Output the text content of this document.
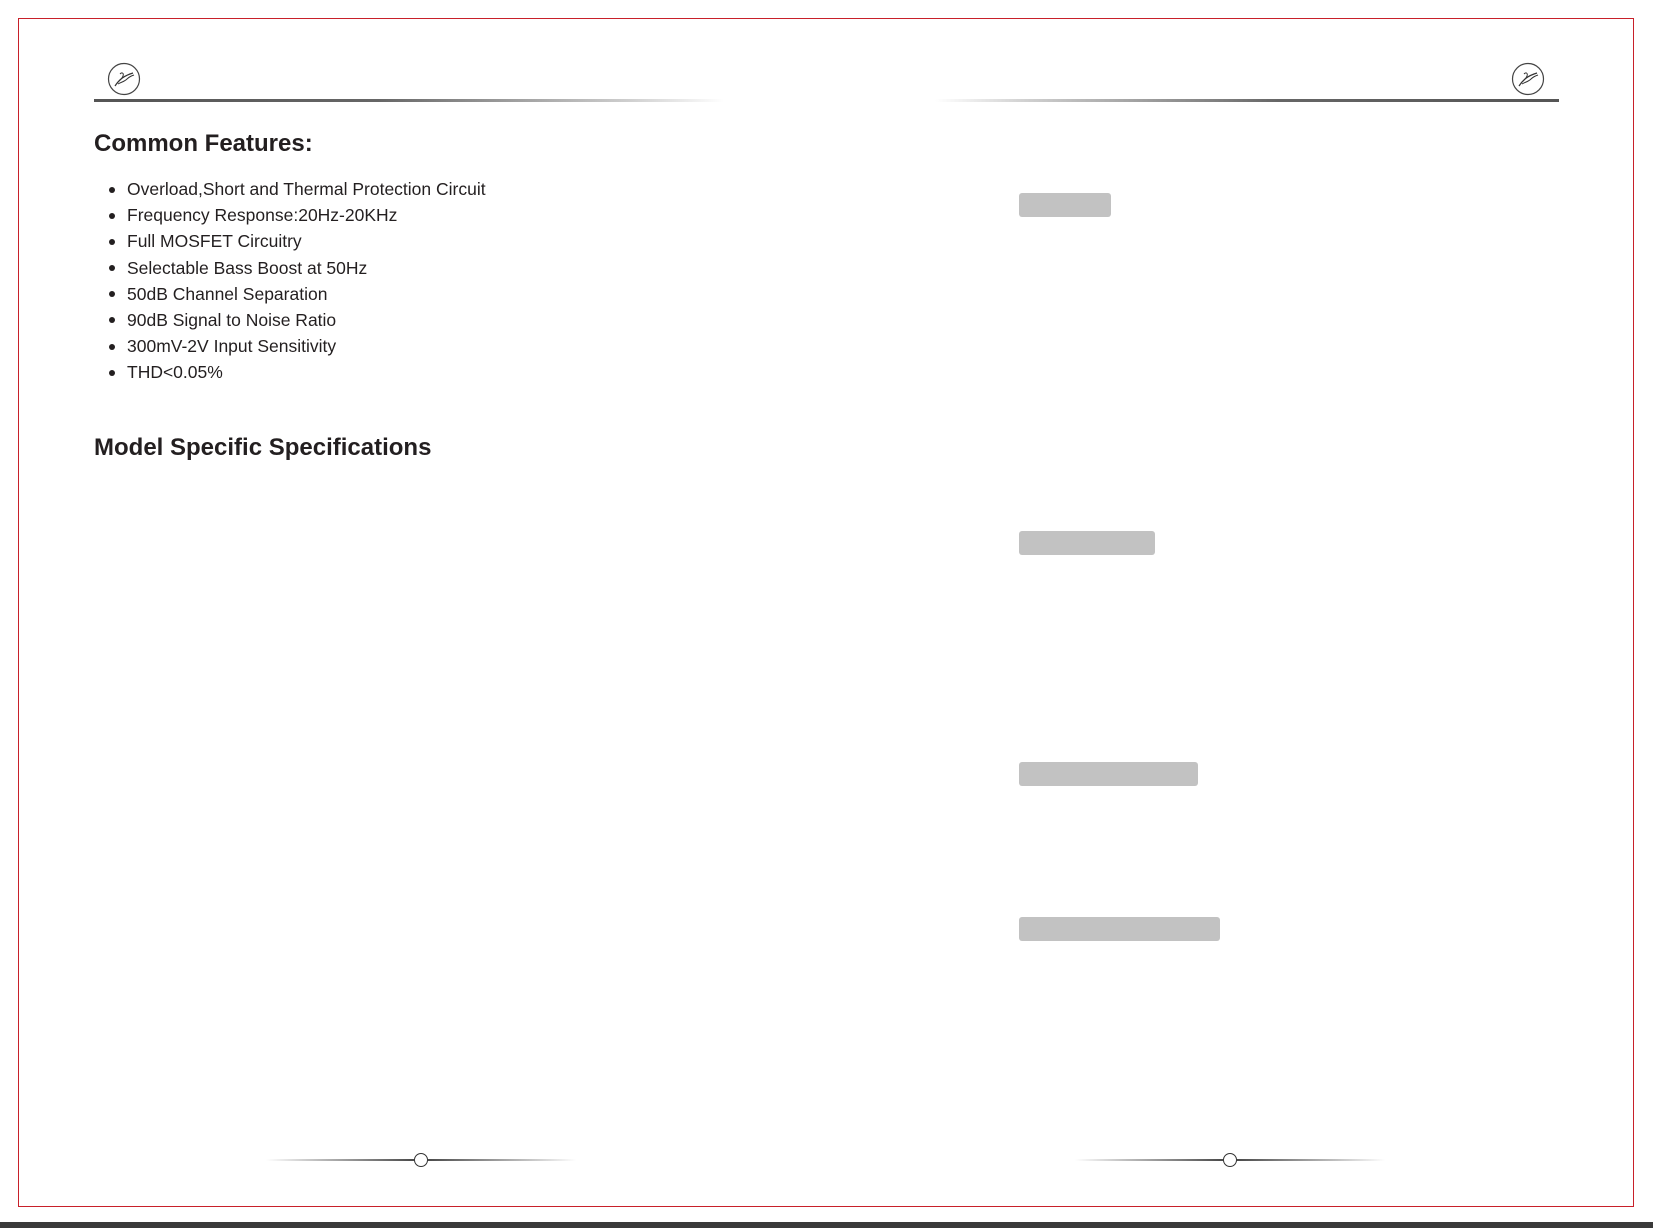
Common Features:
Overload,Short and Thermal Protection Circuit
Frequency Response:20Hz-20KHz
Full MOSFET Circuitry
Selectable Bass Boost at 50Hz
50dB Channel Separation
90dB Signal to Noise Ratio
300mV-2V Input Sensitivity
THD<0.05%
Model Specific Specifications
